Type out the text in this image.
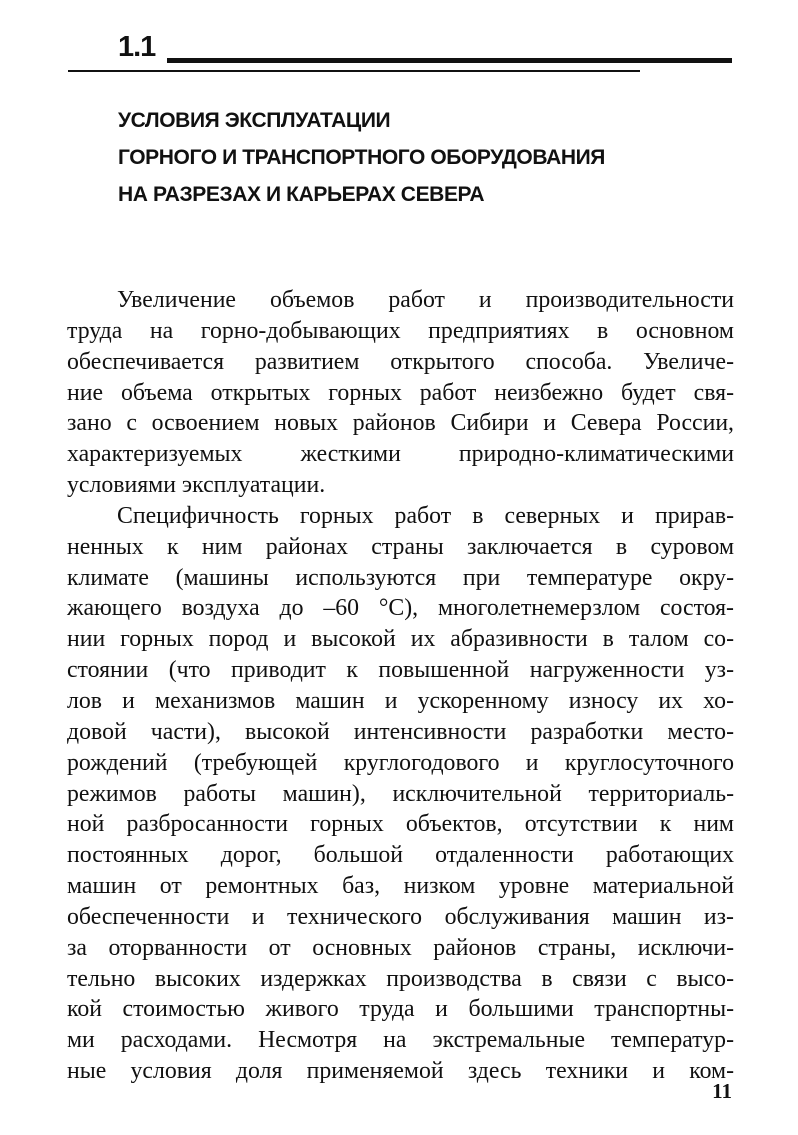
1.1
УСЛОВИЯ ЭКСПЛУАТАЦИИ
ГОРНОГО И ТРАНСПОРТНОГО ОБОРУДОВАНИЯ
НА РАЗРЕЗАХ И КАРЬЕРАХ СЕВЕРА

Увеличение объемов работ и производительности
труда на горно-добывающих предприятиях в основном
обеспечивается развитием открытого способа. Увеличе-
ние объема открытых горных работ неизбежно будет свя-
зано с освоением новых районов Сибири и Севера России,
характеризуемых жесткими природно-климатическими
условиями эксплуатации.

Специфичность горных работ в северных и прирав-
ненных к ним районах страны заключается в суровом
климате (машины используются при температуре окру-
жающего воздуха до –60 °С), многолетнемерзлом состоя-
нии горных пород и высокой их абразивности в талом со-
стоянии (что приводит к повышенной нагруженности уз-
лов и механизмов машин и ускоренному износу их хо-
довой части), высокой интенсивности разработки место-
рождений (требующей круглогодового и круглосуточного
режимов работы машин), исключительной территориаль-
ной разбросанности горных объектов, отсутствии к ним
постоянных дорог, большой отдаленности работающих
машин от ремонтных баз, низком уровне материальной
обеспеченности и технического обслуживания машин из-
за оторванности от основных районов страны, исключи-
тельно высоких издержках производства в связи с высо-
кой стоимостью живого труда и большими транспортны-
ми расходами. Несмотря на экстремальные температур-
ные условия доля применяемой здесь техники и ком-

11
